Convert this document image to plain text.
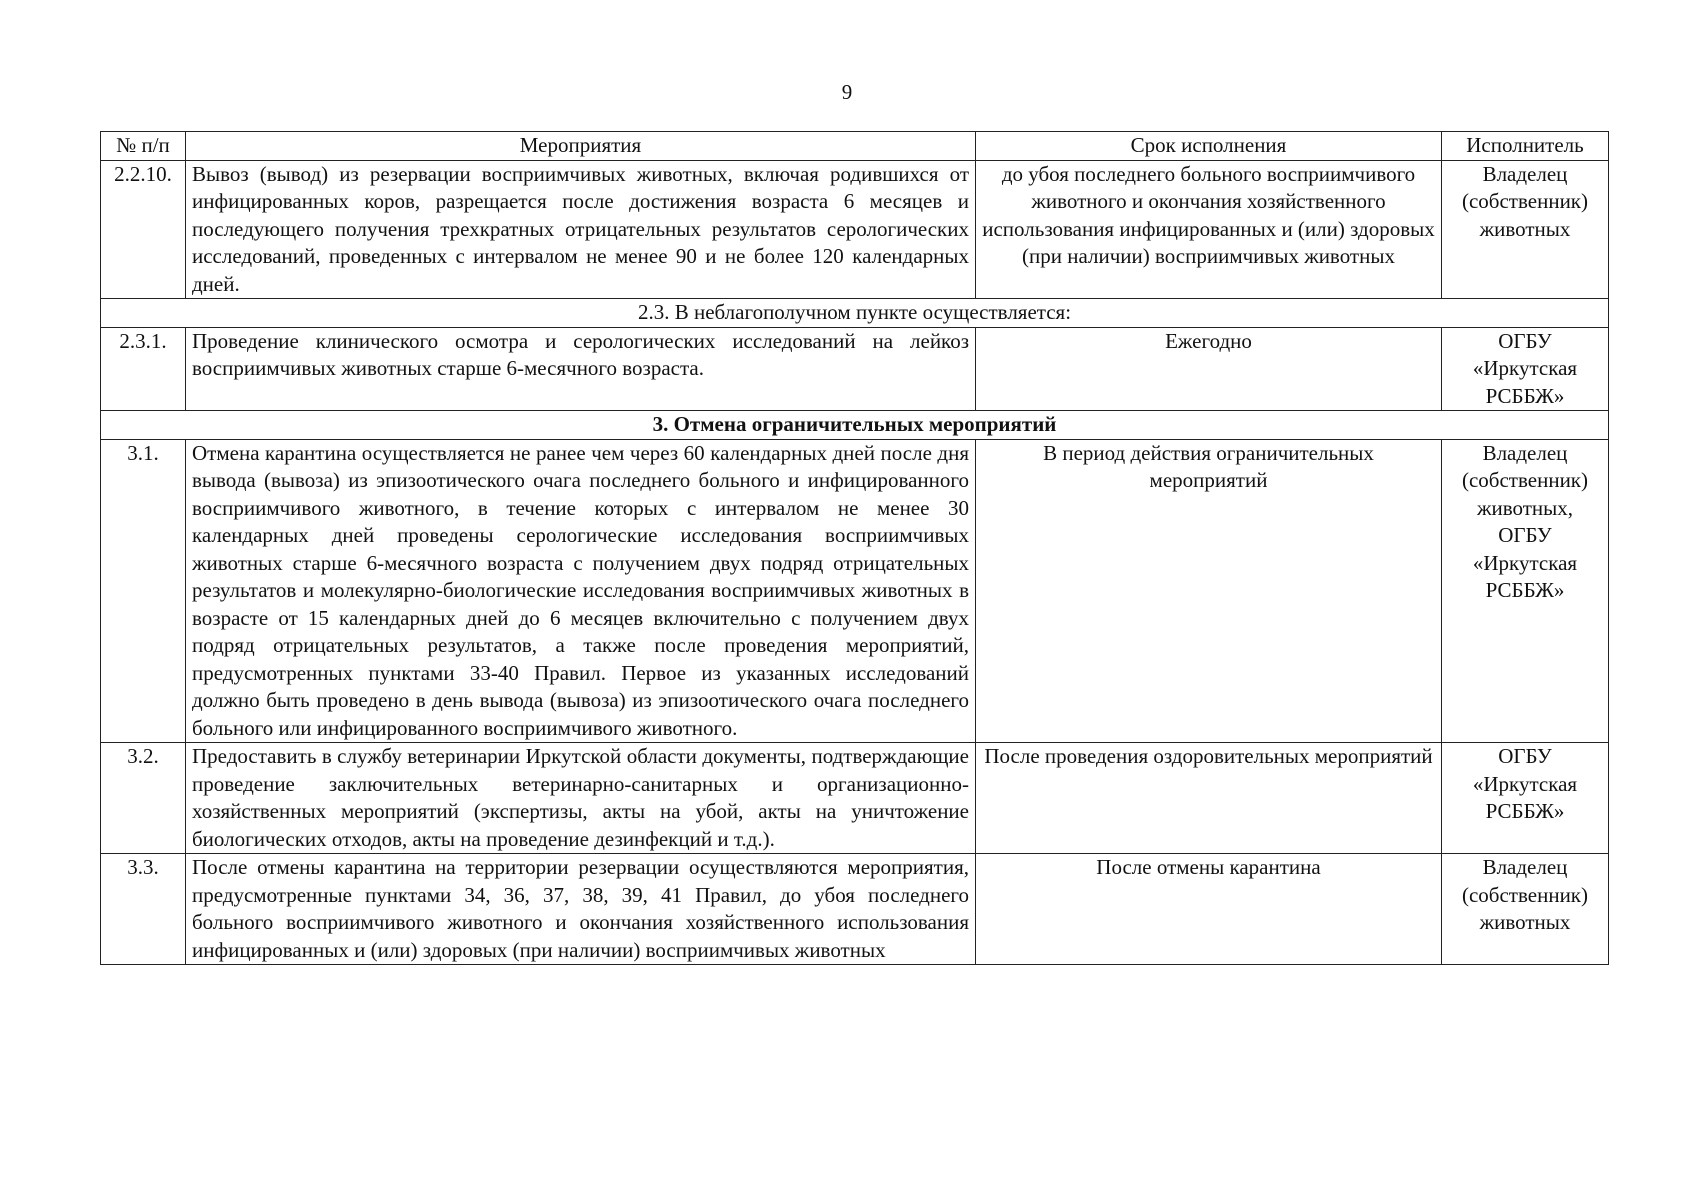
9
№ п/п	Мероприятия	Срок исполнения	Исполнитель
2.2.10.	Вывоз (вывод) из резервации восприимчивых животных, включая родившихся от инфицированных коров, разрещается после достижения возраста 6 месяцев и последующего получения трехкратных отрицательных результатов серологических исследований, проведенных с интервалом не менее 90 и не более 120 календарных дней.	до убоя последнего больного восприимчивого животного и окончания хозяйственного использования инфицированных и (или) здоровых (при наличии) восприимчивых животных	Владелец (собственник) животных
2.3. В неблагополучном пункте осуществляется:			
2.3.1.	Проведение клинического осмотра и серологических исследований на лейкоз восприимчивых животных старше 6-месячного возраста.	Ежегодно	ОГБУ «Иркутская РСББЖ»
3. Отмена ограничительных мероприятий			
3.1.	Отмена карантина осуществляется не ранее чем через 60 календарных дней после дня вывода (вывоза) из эпизоотического очага последнего больного и инфицированного восприимчивого животного, в течение которых с интервалом не менее 30 календарных дней проведены серологические исследования восприимчивых животных старше 6-месячного возраста с получением двух подряд отрицательных результатов и молекулярно-биологические исследования восприимчивых животных в возрасте от 15 календарных дней до 6 месяцев включительно с получением двух подряд отрицательных результатов, а также после проведения мероприятий, предусмотренных пунктами 33-40 Правил. Первое из указанных исследований должно быть проведено в день вывода (вывоза) из эпизоотического очага последнего больного или инфицированного восприимчивого животного.	В период действия ограничительных мероприятий	Владелец (собственник) животных, ОГБУ «Иркутская РСББЖ»
3.2.	Предоставить в службу ветеринарии Иркутской области документы, подтверждающие проведение заключительных ветеринарно-санитарных и организационно-хозяйственных мероприятий (экспертизы, акты на убой, акты на уничтожение биологических отходов, акты на проведение дезинфекций и т.д.).	После проведения оздоровительных мероприятий	ОГБУ «Иркутская РСББЖ»
3.3.	После отмены карантина на территории резервации осуществляются мероприятия, предусмотренные пунктами 34, 36, 37, 38, 39, 41 Правил, до убоя последнего больного восприимчивого животного и окончания хозяйственного использования инфицированных и (или) здоровых (при наличии) восприимчивых животных	После отмены карантина	Владелец (собственник) животных
